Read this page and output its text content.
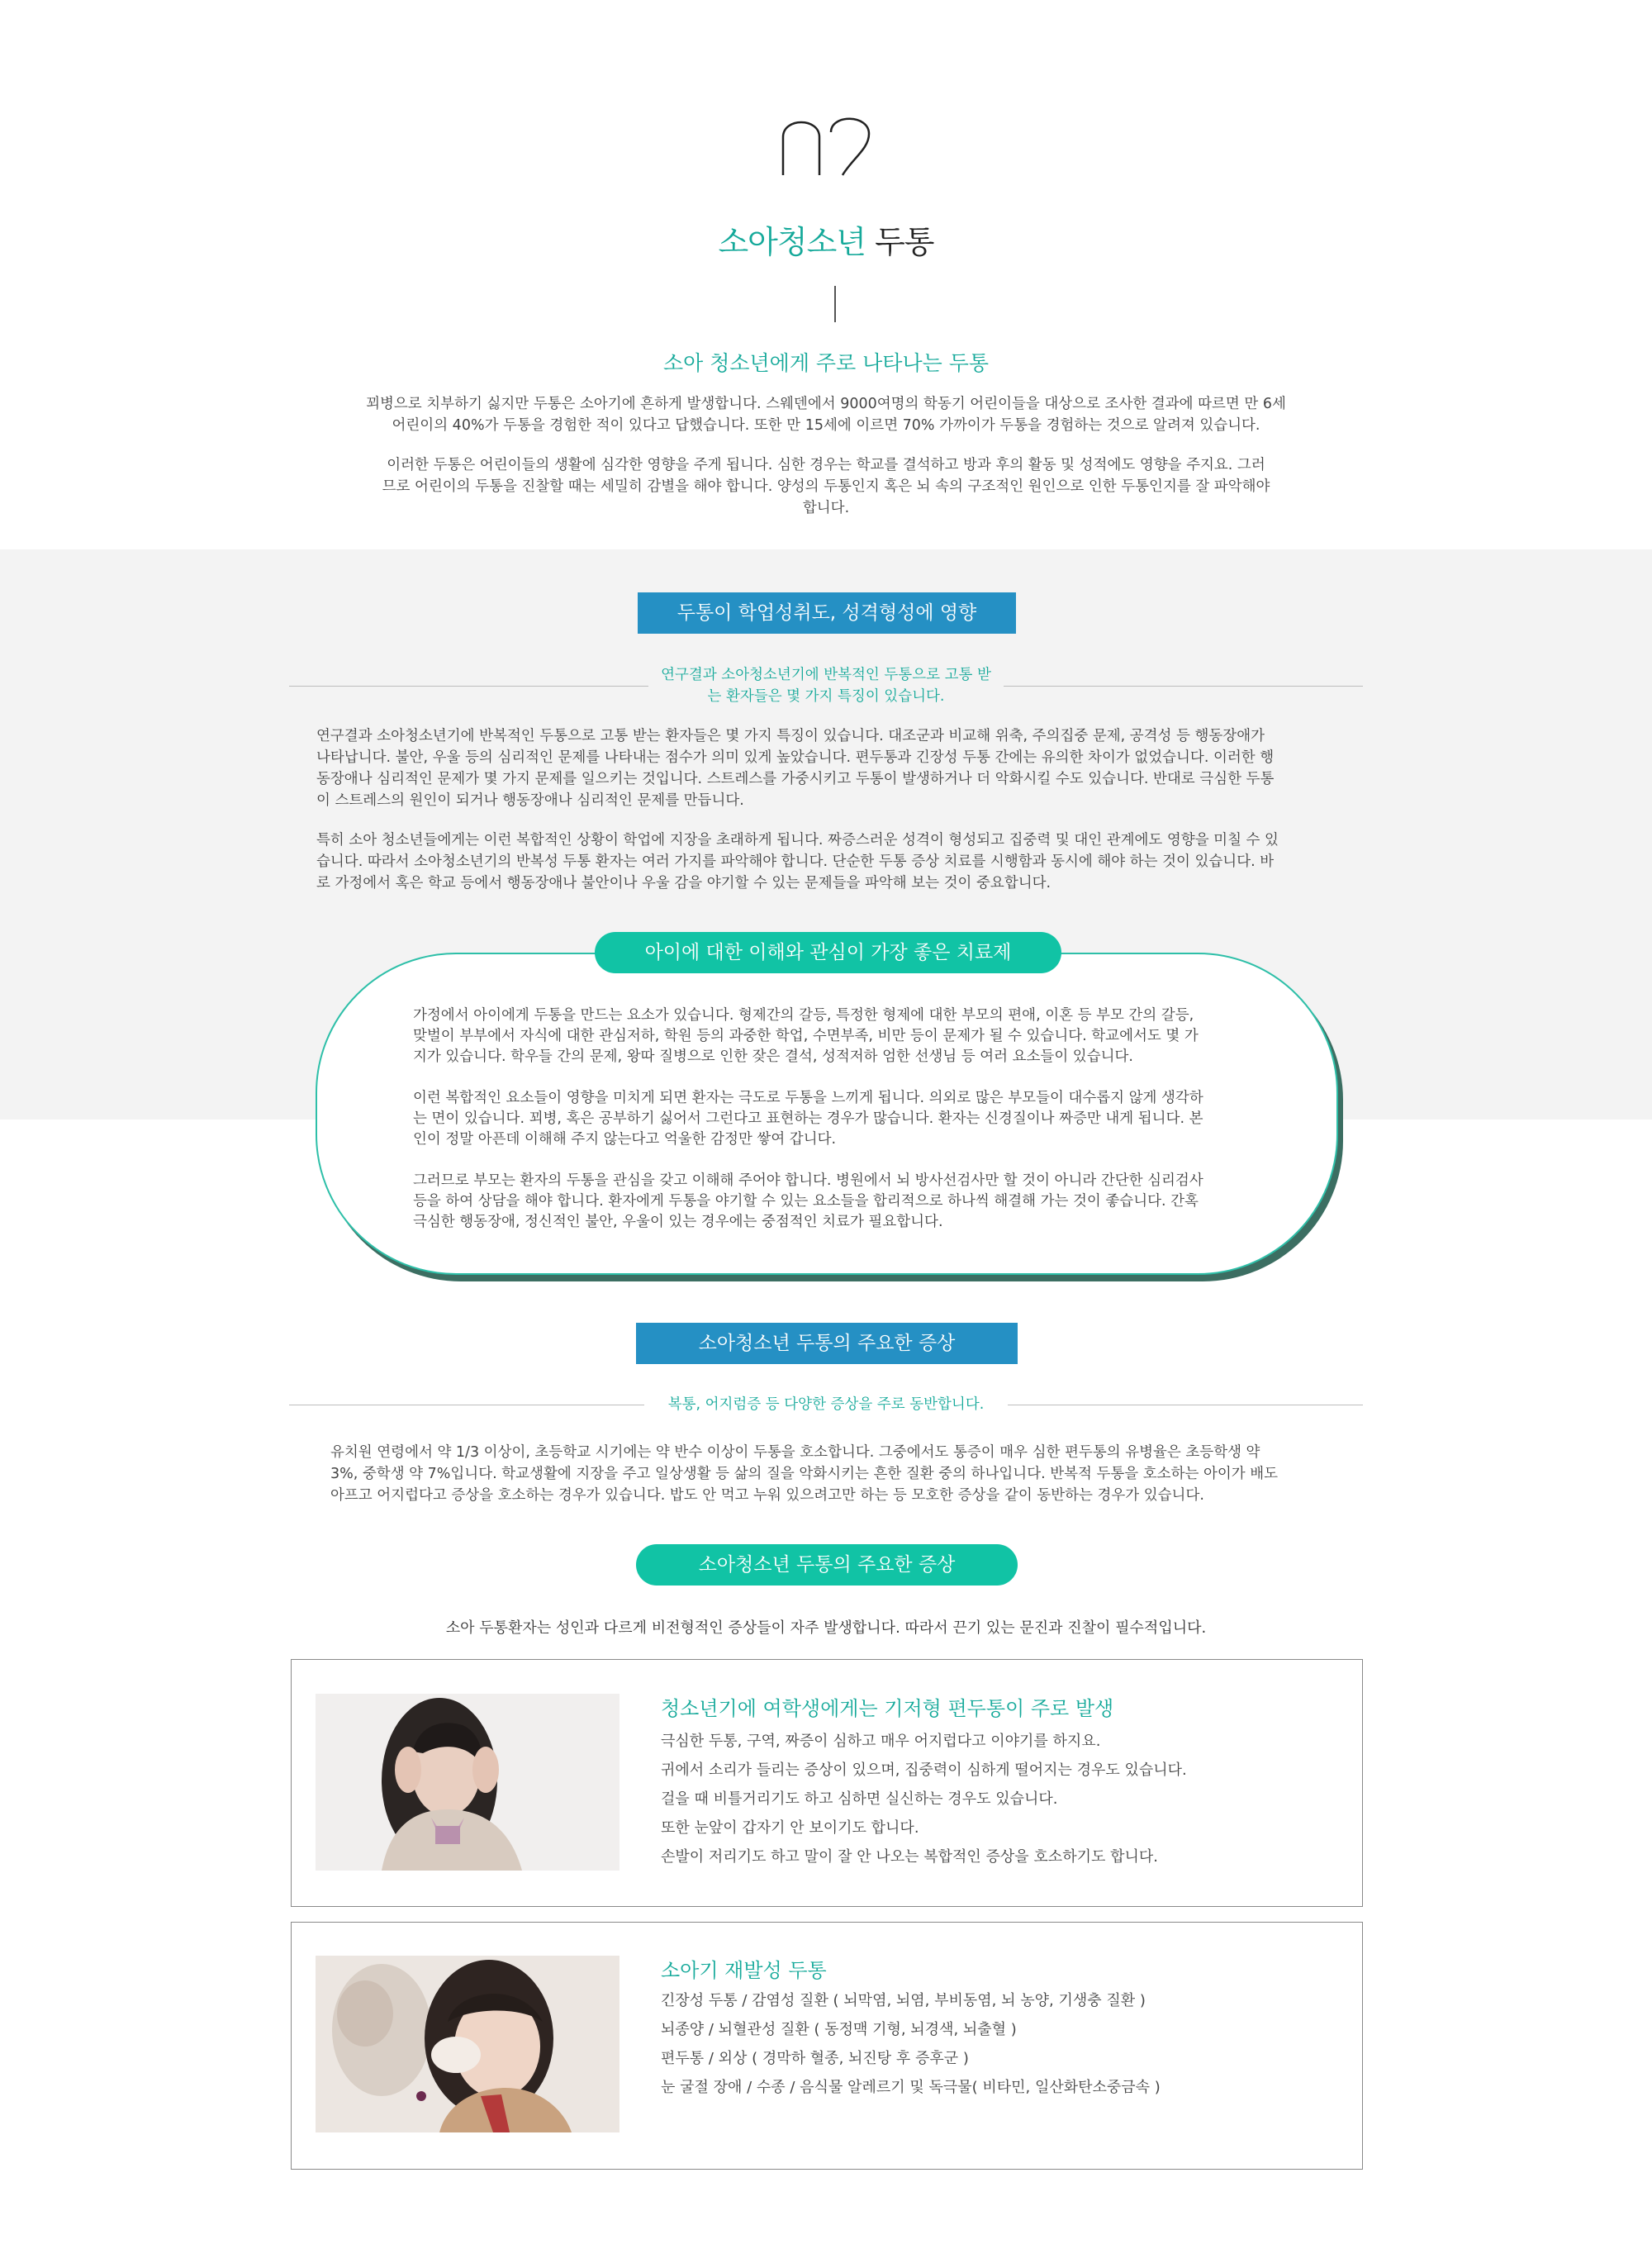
소아청소년 두통
소아 청소년에게 주로 나타나는 두통

꾀병으로 치부하기 싫지만 두통은 소아기에 흔하게 발생합니다. 스웨덴에서 9000여명의 학동기 어린이들을 대상으로 조사한 결과에 따르면 만 6세 어린이의 40%가 두통을 경험한 적이 있다고 답했습니다. 또한 만 15세에 이르면 70% 가까이가 두통을 경험하는 것으로 알려져 있습니다.

이러한 두통은 어린이들의 생활에 심각한 영향을 주게 됩니다. 심한 경우는 학교를 결석하고 방과 후의 활동 및 성적에도 영향을 주지요. 그러므로 어린이의 두통을 진찰할 때는 세밀히 감별을 해야 합니다. 양성의 두통인지 혹은 뇌 속의 구조적인 원인으로 인한 두통인지를 잘 파악해야 합니다.

두통이 학업성취도, 성격형성에 영향
연구결과 소아청소년기에 반복적인 두통으로 고통 받는 환자들은 몇 가지 특징이 있습니다.

연구결과 소아청소년기에 반복적인 두통으로 고통 받는 환자들은 몇 가지 특징이 있습니다. 대조군과 비교해 위축, 주의집중 문제, 공격성 등 행동장애가 나타납니다. 불안, 우울 등의 심리적인 문제를 나타내는 점수가 의미 있게 높았습니다. 편두통과 긴장성 두통 간에는 유의한 차이가 없었습니다. 이러한 행동장애나 심리적인 문제가 몇 가지 문제를 일으키는 것입니다. 스트레스를 가중시키고 두통이 발생하거나 더 악화시킬 수도 있습니다. 반대로 극심한 두통이 스트레스의 원인이 되거나 행동장애나 심리적인 문제를 만듭니다.

특히 소아 청소년들에게는 이런 복합적인 상황이 학업에 지장을 초래하게 됩니다. 짜증스러운 성격이 형성되고 집중력 및 대인 관계에도 영향을 미칠 수 있습니다. 따라서 소아청소년기의 반복성 두통 환자는 여러 가지를 파악해야 합니다. 단순한 두통 증상 치료를 시행함과 동시에 해야 하는 것이 있습니다. 바로 가정에서 혹은 학교 등에서 행동장애나 불안이나 우울 감을 야기할 수 있는 문제들을 파악해 보는 것이 중요합니다.

아이에 대한 이해와 관심이 가장 좋은 치료제

가정에서 아이에게 두통을 만드는 요소가 있습니다. 형제간의 갈등, 특정한 형제에 대한 부모의 편애, 이혼 등 부모 간의 갈등, 맞벌이 부부에서 자식에 대한 관심저하, 학원 등의 과중한 학업, 수면부족, 비만 등이 문제가 될 수 있습니다. 학교에서도 몇 가지가 있습니다. 학우들 간의 문제, 왕따 질병으로 인한 잦은 결석, 성적저하 엄한 선생님 등 여러 요소들이 있습니다.

이런 복합적인 요소들이 영향을 미치게 되면 환자는 극도로 두통을 느끼게 됩니다. 의외로 많은 부모들이 대수롭지 않게 생각하는 면이 있습니다. 꾀병, 혹은 공부하기 싫어서 그런다고 표현하는 경우가 많습니다. 환자는 신경질이나 짜증만 내게 됩니다. 본인이 정말 아픈데 이해해 주지 않는다고 억울한 감정만 쌓여 갑니다.

그러므로 부모는 환자의 두통을 관심을 갖고 이해해 주어야 합니다. 병원에서 뇌 방사선검사만 할 것이 아니라 간단한 심리검사 등을 하여 상담을 해야 합니다. 환자에게 두통을 야기할 수 있는 요소들을 합리적으로 하나씩 해결해 가는 것이 좋습니다. 간혹 극심한 행동장애, 정신적인 불안, 우울이 있는 경우에는 중점적인 치료가 필요합니다.

소아청소년 두통의 주요한 증상
복통, 어지럼증 등 다양한 증상을 주로 동반합니다.

유치원 연령에서 약 1/3 이상이, 초등학교 시기에는 약 반수 이상이 두통을 호소합니다. 그중에서도 통증이 매우 심한 편두통의 유병율은 초등학생 약 3%, 중학생 약 7%입니다. 학교생활에 지장을 주고 일상생활 등 삶의 질을 악화시키는 흔한 질환 중의 하나입니다. 반복적 두통을 호소하는 아이가 배도 아프고 어지럽다고 증상을 호소하는 경우가 있습니다. 밥도 안 먹고 누워 있으려고만 하는 등 모호한 증상을 같이 동반하는 경우가 있습니다.

소아청소년 두통의 주요한 증상

소아 두통환자는 성인과 다르게 비전형적인 증상들이 자주 발생합니다. 따라서 끈기 있는 문진과 진찰이 필수적입니다.

청소년기에 여학생에게는 기저형 편두통이 주로 발생
극심한 두통, 구역, 짜증이 심하고 매우 어지럽다고 이야기를 하지요.
귀에서 소리가 들리는 증상이 있으며, 집중력이 심하게 떨어지는 경우도 있습니다.
걸을 때 비틀거리기도 하고 심하면 실신하는 경우도 있습니다.
또한 눈앞이 갑자기 안 보이기도 합니다.
손발이 저리기도 하고 말이 잘 안 나오는 복합적인 증상을 호소하기도 합니다.
소아기 재발성 두통
긴장성 두통 / 감염성 질환 ( 뇌막염, 뇌염, 부비동염, 뇌 농양, 기생충 질환 )
뇌종양 / 뇌혈관성 질환 ( 동정맥 기형, 뇌경색, 뇌출혈 )
편두통 / 외상 ( 경막하 혈종, 뇌진탕 후 증후군 )
눈 굴절 장애 / 수종 / 음식물 알레르기 및 독극물( 비타민, 일산화탄소중금속 )
